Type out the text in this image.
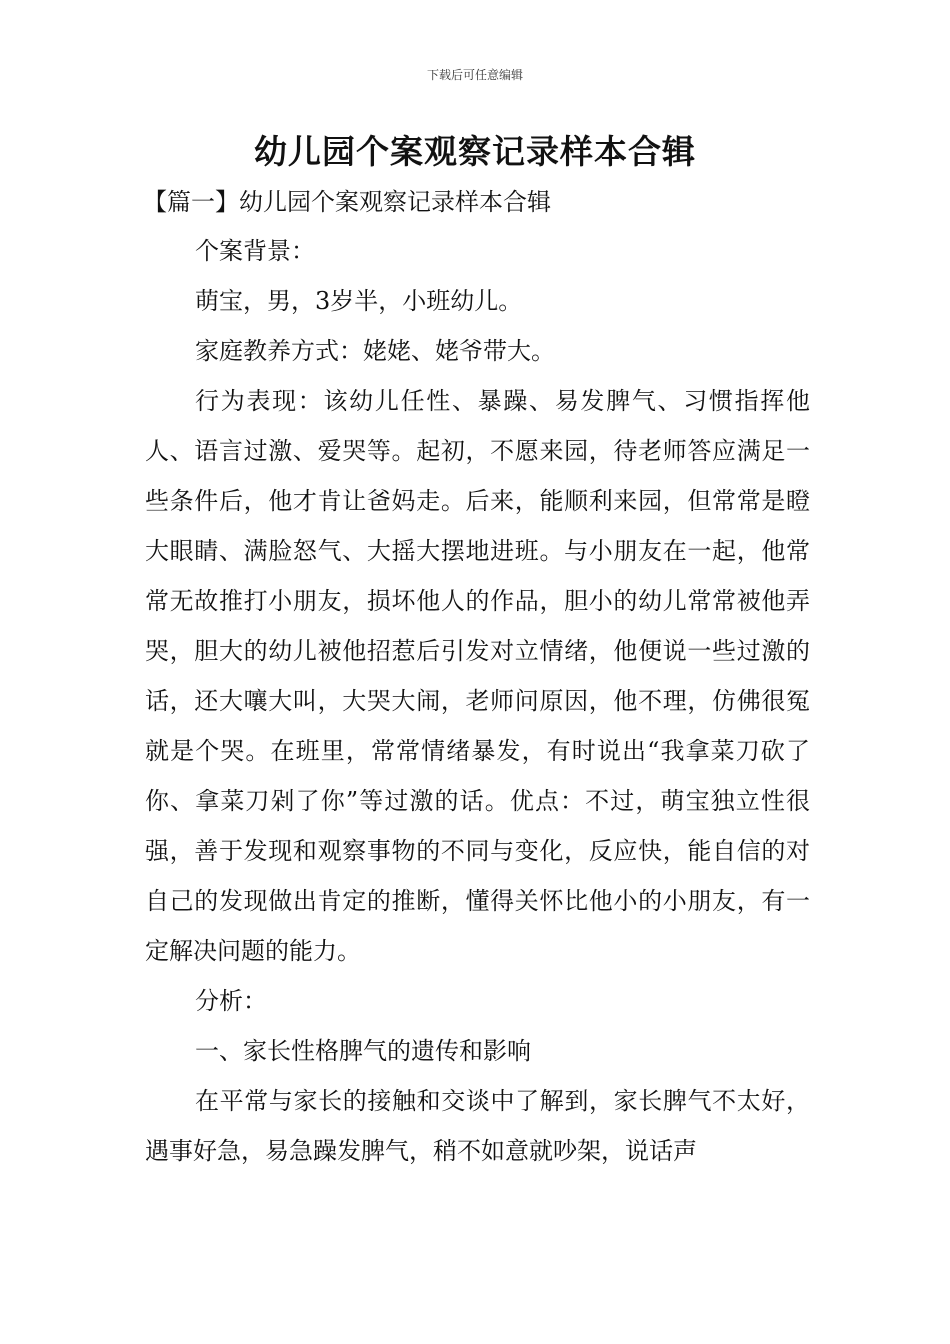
下载后可任意编辑
幼儿园个案观察记录样本合辑
【篇一】幼儿园个案观察记录样本合辑

个案背景：

萌宝，男，3岁半，小班幼儿。

家庭教养方式：姥姥、姥爷带大。

行为表现：该幼儿任性、暴躁、易发脾气、习惯指挥他人、语言过激、爱哭等。起初，不愿来园，待老师答应满足一些条件后，他才肯让爸妈走。后来，能顺利来园，但常常是瞪大眼睛、满脸怒气、大摇大摆地进班。与小朋友在一起，他常常无故推打小朋友，损坏他人的作品，胆小的幼儿常常被他弄哭，胆大的幼儿被他招惹后引发对立情绪，他便说一些过激的话，还大嚷大叫，大哭大闹，老师问原因，他不理，仿佛很冤就是个哭。在班里，常常情绪暴发，有时说出“我拿菜刀砍了你、拿菜刀剁了你”等过激的话。优点：不过，萌宝独立性很强，善于发现和观察事物的不同与变化，反应快，能自信的对自己的发现做出肯定的推断，懂得关怀比他小的小朋友，有一定解决问题的能力。

分析：

一、家长性格脾气的遗传和影响

在平常与家长的接触和交谈中了解到，家长脾气不太好，遇事好急，易急躁发脾气，稍不如意就吵架，说话声
